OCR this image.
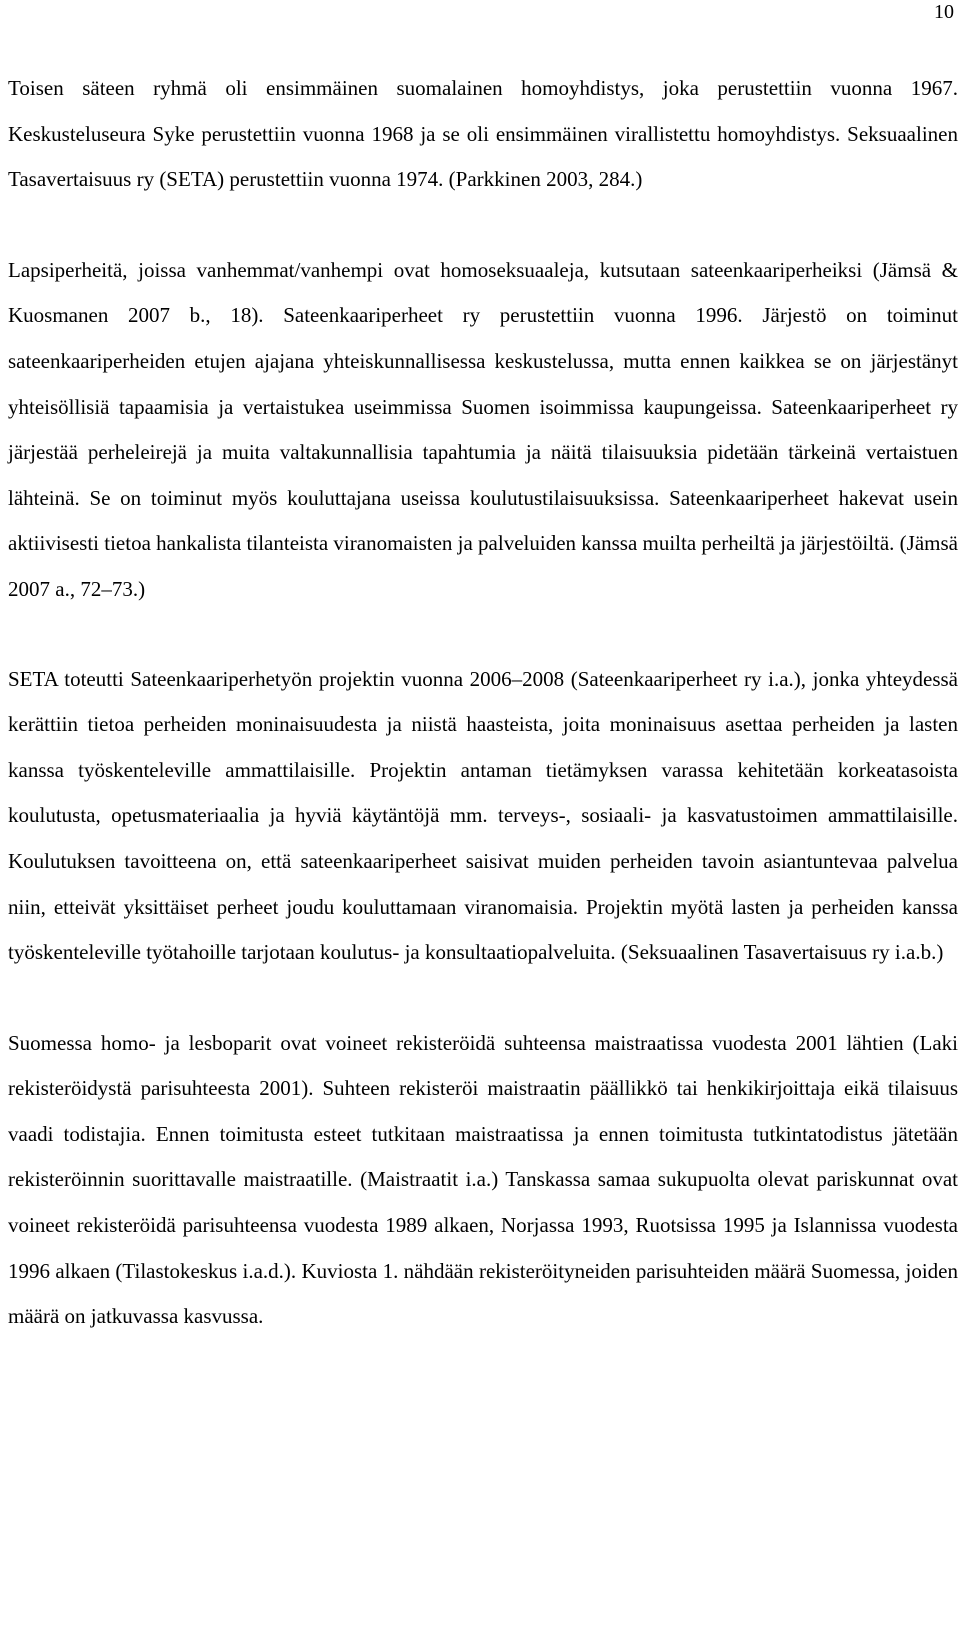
10

Toisen säteen ryhmä oli ensimmäinen suomalainen homoyhdistys, joka perustettiin vuonna 1967. Keskusteluseura Syke perustettiin vuonna 1968 ja se oli ensimmäinen virallistettu homoyhdistys. Seksuaalinen Tasavertaisuus ry (SETA) perustettiin vuonna 1974. (Parkkinen 2003, 284.)

Lapsiperheitä, joissa vanhemmat/vanhempi ovat homoseksuaaleja, kutsutaan sateenkaariperheiksi (Jämsä & Kuosmanen 2007 b., 18). Sateenkaariperheet ry perustettiin vuonna 1996. Järjestö on toiminut sateenkaariperheiden etujen ajajana yhteiskunnallisessa keskustelussa, mutta ennen kaikkea se on järjestänyt yhteisöllisiä tapaamisia ja vertaistukea useimmissa Suomen isoimmissa kaupungeissa. Sateenkaariperheet ry järjestää perheleirejä ja muita valtakunnallisia tapahtumia ja näitä tilaisuuksia pidetään tärkeinä vertaistuen lähteinä. Se on toiminut myös kouluttajana useissa koulutustilaisuuksissa. Sateenkaariperheet hakevat usein aktiivisesti tietoa hankalista tilanteista viranomaisten ja palveluiden kanssa muilta perheiltä ja järjestöiltä. (Jämsä 2007 a., 72–73.)

SETA toteutti Sateenkaariperhetyön projektin vuonna 2006–2008 (Sateenkaariperheet ry i.a.), jonka yhteydessä kerättiin tietoa perheiden moninaisuudesta ja niistä haasteista, joita moninaisuus asettaa perheiden ja lasten kanssa työskenteleville ammattilaisille. Projektin antaman tietämyksen varassa kehitetään korkeatasoista koulutusta, opetusmateriaalia ja hyviä käytäntöjä mm. terveys-, sosiaali- ja kasvatustoimen ammattilaisille. Koulutuksen tavoitteena on, että sateenkaariperheet saisivat muiden perheiden tavoin asiantuntevaa palvelua niin, etteivät yksittäiset perheet joudu kouluttamaan viranomaisia. Projektin myötä lasten ja perheiden kanssa työskenteleville työtahoille tarjotaan koulutus- ja konsultaatiopalveluita. (Seksuaalinen Tasavertaisuus ry i.a.b.)

Suomessa homo- ja lesboparit ovat voineet rekisteröidä suhteensa maistraatissa vuodesta 2001 lähtien (Laki rekisteröidystä parisuhteesta 2001). Suhteen rekisteröi maistraatin päällikkö tai henkikirjoittaja eikä tilaisuus vaadi todistajia. Ennen toimitusta esteet tutkitaan maistraatissa ja ennen toimitusta tutkintatodistus jätetään rekisteröinnin suorittavalle maistraatille. (Maistraatit i.a.) Tanskassa samaa sukupuolta olevat pariskunnat ovat voineet rekisteröidä parisuhteensa vuodesta 1989 alkaen, Norjassa 1993, Ruotsissa 1995 ja Islannissa vuodesta 1996 alkaen (Tilastokeskus i.a.d.). Kuviosta 1. nähdään rekisteröityneiden parisuhteiden määrä Suomessa, joiden määrä on jatkuvassa kasvussa.
